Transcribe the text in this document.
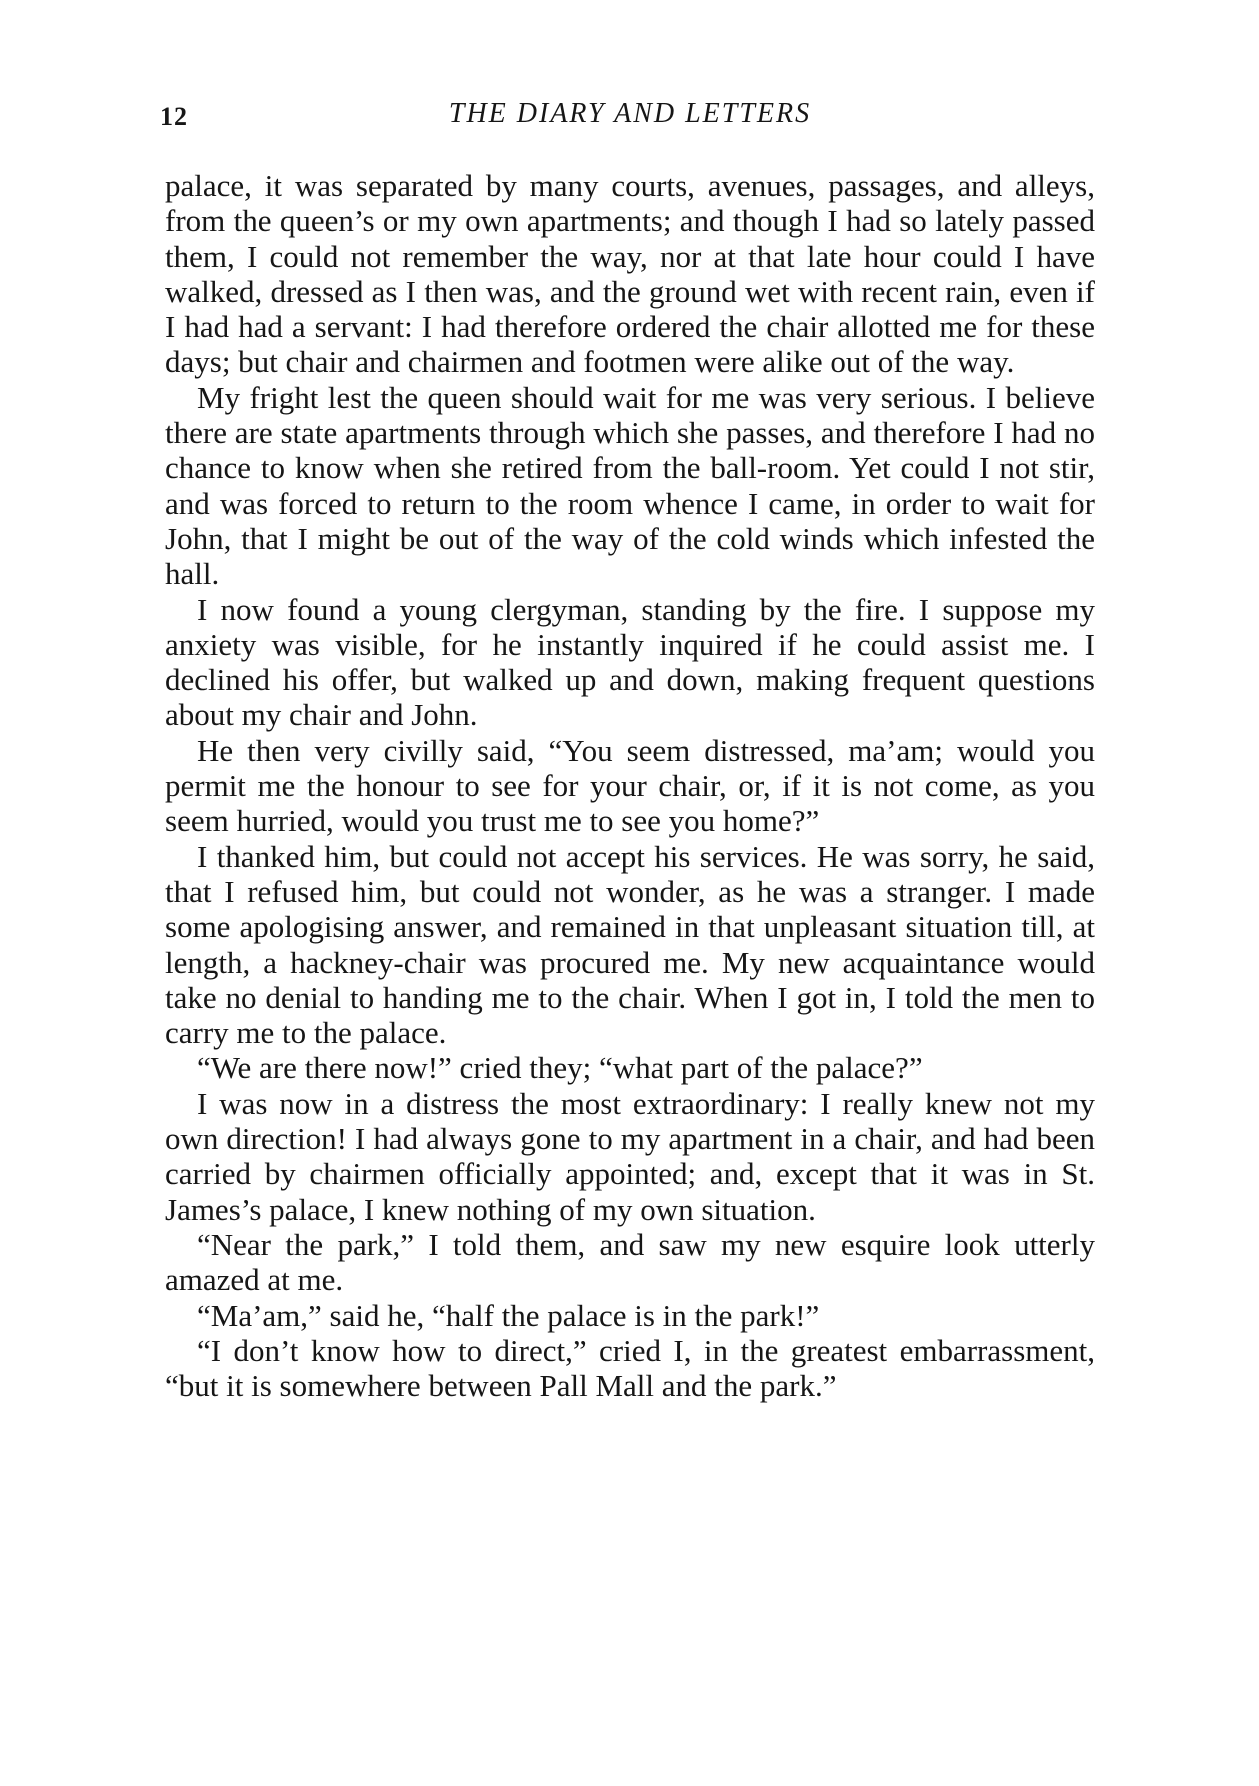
12	THE DIARY AND LETTERS

palace, it was separated by many courts, avenues, passages, and alleys, from the queen’s or my own apartments; and though I had so lately passed them, I could not remember the way, nor at that late hour could I have walked, dressed as I then was, and the ground wet with recent rain, even if I had had a servant: I had therefore ordered the chair allotted me for these days; but chair and chairmen and footmen were alike out of the way.

My fright lest the queen should wait for me was very serious. I believe there are state apartments through which she passes, and therefore I had no chance to know when she retired from the ball-room. Yet could I not stir, and was forced to return to the room whence I came, in order to wait for John, that I might be out of the way of the cold winds which infested the hall.

I now found a young clergyman, standing by the fire. I suppose my anxiety was visible, for he instantly inquired if he could assist me. I declined his offer, but walked up and down, making frequent questions about my chair and John.

He then very civilly said, “You seem distressed, ma’am; would you permit me the honour to see for your chair, or, if it is not come, as you seem hurried, would you trust me to see you home?”

I thanked him, but could not accept his services. He was sorry, he said, that I refused him, but could not wonder, as he was a stranger. I made some apologising answer, and remained in that unpleasant situation till, at length, a hackney-chair was procured me. My new acquaintance would take no denial to handing me to the chair. When I got in, I told the men to carry me to the palace.

“We are there now!” cried they; “what part of the palace?”

I was now in a distress the most extraordinary: I really knew not my own direction! I had always gone to my apartment in a chair, and had been carried by chairmen officially appointed; and, except that it was in St. James’s palace, I knew nothing of my own situation.

“Near the park,” I told them, and saw my new esquire look utterly amazed at me.

“Ma’am,” said he, “half the palace is in the park!”

“I don’t know how to direct,” cried I, in the greatest embarrassment, “but it is somewhere between Pall Mall and the park.”
